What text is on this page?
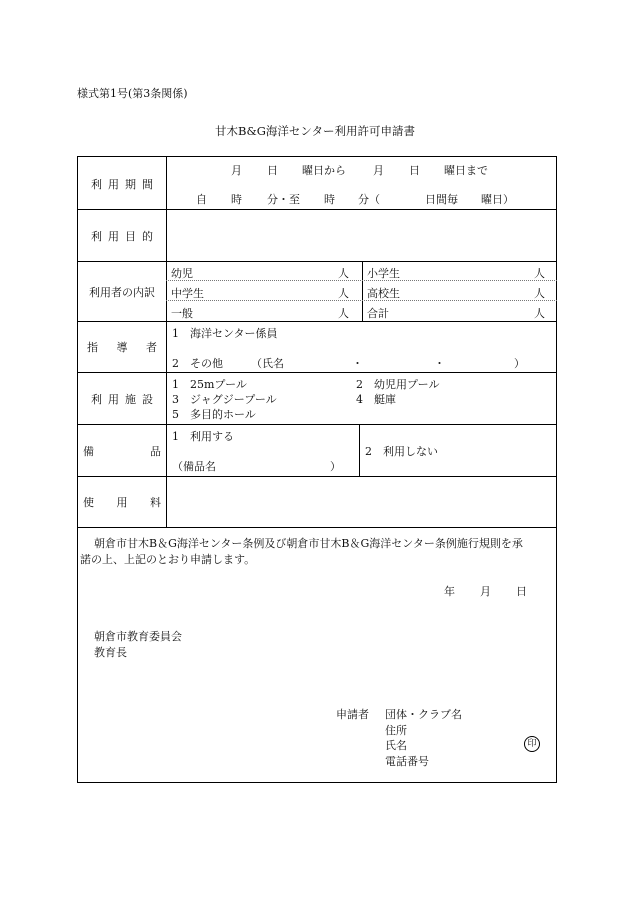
様式第1号(第3条関係)
甘木B&G海洋センター利用許可申請書
利 用 期 間
月 日 曜日から 月 日 曜日まで
自 時 分・至 時 分（	日間毎 曜日）
利 用 目 的
利用者の内訳
幼児	人 小学生	人
中学生	人 高校生	人
一般	人 合計	人
指 導 者
1　海洋センター係員
2　その他	（氏名	・	・	）
利 用 施 設
1　25mプール	2　幼児用プール
3　ジャグジープール	4　艇庫
5　多目的ホール
備	品
1　利用する
（備品名	）
2　利用しない
使 用 料
朝倉市甘木B＆G海洋センター条例及び朝倉市甘木B＆G海洋センター条例施行規則を承
諾の上、上記のとおり申請します。
年 月 日
朝倉市教育委員会
教育長
申請者 団体・クラブ名
住所
氏名
電話番号
印
